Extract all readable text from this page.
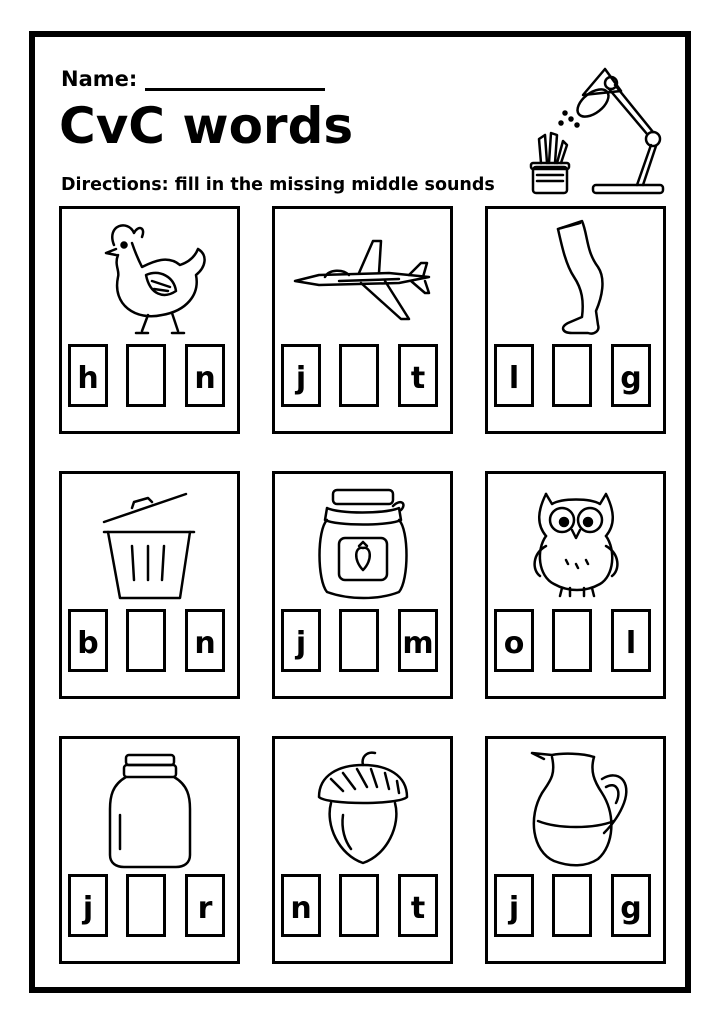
Name:
CvC words
Directions: fill in the missing middle sounds
h	n	j	t	l	g
b	n	j	m	o	l
j	r	n	t	j	g
